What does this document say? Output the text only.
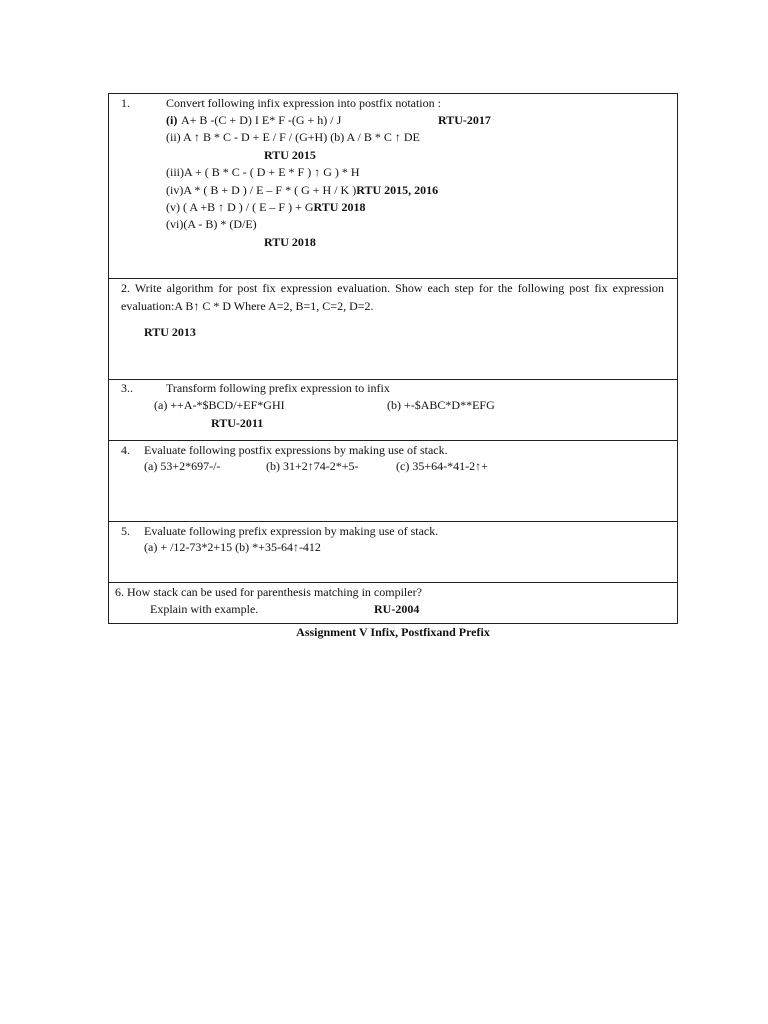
1.	Convert following infix expression into postfix notation :
(i) A+ B -(C + D) I E* F -(G + h) / J	RTU-2017
(ii) A ↑ B * C - D + E / F / (G+H) (b) A / B * C ↑ DE
RTU 2015
(iii)A + ( B * C - ( D + E * F ) ↑ G ) * H
(iv)A * ( B + D ) / E – F * ( G + H / K )RTU 2015, 2016
(v) ( A +B ↑ D ) / ( E – F ) + GRTU 2018
(vi)(A - B) * (D/E)
RTU 2018
2. Write algorithm for post fix expression evaluation. Show each step for the following post fix expression evaluation:A B↑ C * D Where A=2, B=1, C=2, D=2.
RTU 2013
3..	Transform following prefix expression to infix
(a) ++A-*$BCD/+EF*GHI	(b) +-$ABC*D**EFG
RTU-2011
4. Evaluate following postfix expressions by making use of stack.
(a) 53+2*697-/-	(b) 31+2↑74-2*+5-	(c) 35+64-*41-2↑+
5. Evaluate following prefix expression by making use of stack.
(a) + /12-73*2+15 (b) *+35-64↑-412
6. How stack can be used for parenthesis matching in compiler?
Explain with example.	RU-2004
Assignment V Infix, Postfixand Prefix
